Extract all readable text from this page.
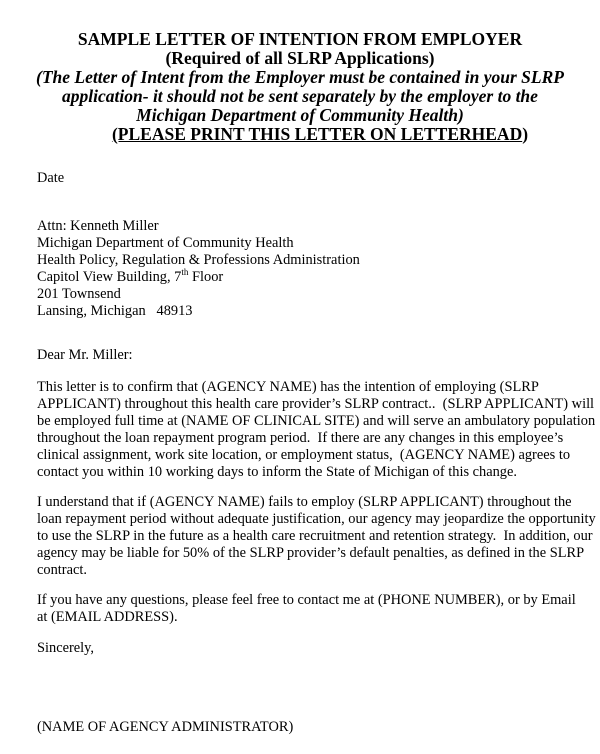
SAMPLE LETTER OF INTENTION FROM EMPLOYER
(Required of all SLRP Applications)
(The Letter of Intent from the Employer must be contained in your SLRP
application- it should not be sent separately by the employer to the
Michigan Department of Community Health)
(PLEASE PRINT THIS LETTER ON LETTERHEAD)
Date
Attn: Kenneth Miller
Michigan Department of Community Health
Health Policy, Regulation & Professions Administration
Capitol View Building, 7th Floor
201 Townsend
Lansing, Michigan   48913
Dear Mr. Miller:
This letter is to confirm that (AGENCY NAME) has the intention of employing (SLRP
APPLICANT) throughout this health care provider’s SLRP contract..  (SLRP APPLICANT) will
be employed full time at (NAME OF CLINICAL SITE) and will serve an ambulatory population
throughout the loan repayment program period.  If there are any changes in this employee’s
clinical assignment, work site location, or employment status,  (AGENCY NAME) agrees to
contact you within 10 working days to inform the State of Michigan of this change.
I understand that if (AGENCY NAME) fails to employ (SLRP APPLICANT) throughout the
loan repayment period without adequate justification, our agency may jeopardize the opportunity
to use the SLRP in the future as a health care recruitment and retention strategy.  In addition, our
agency may be liable for 50% of the SLRP provider’s default penalties, as defined in the SLRP
contract.
If you have any questions, please feel free to contact me at (PHONE NUMBER), or by Email
at (EMAIL ADDRESS).
Sincerely,
(NAME OF AGENCY ADMINISTRATOR)
